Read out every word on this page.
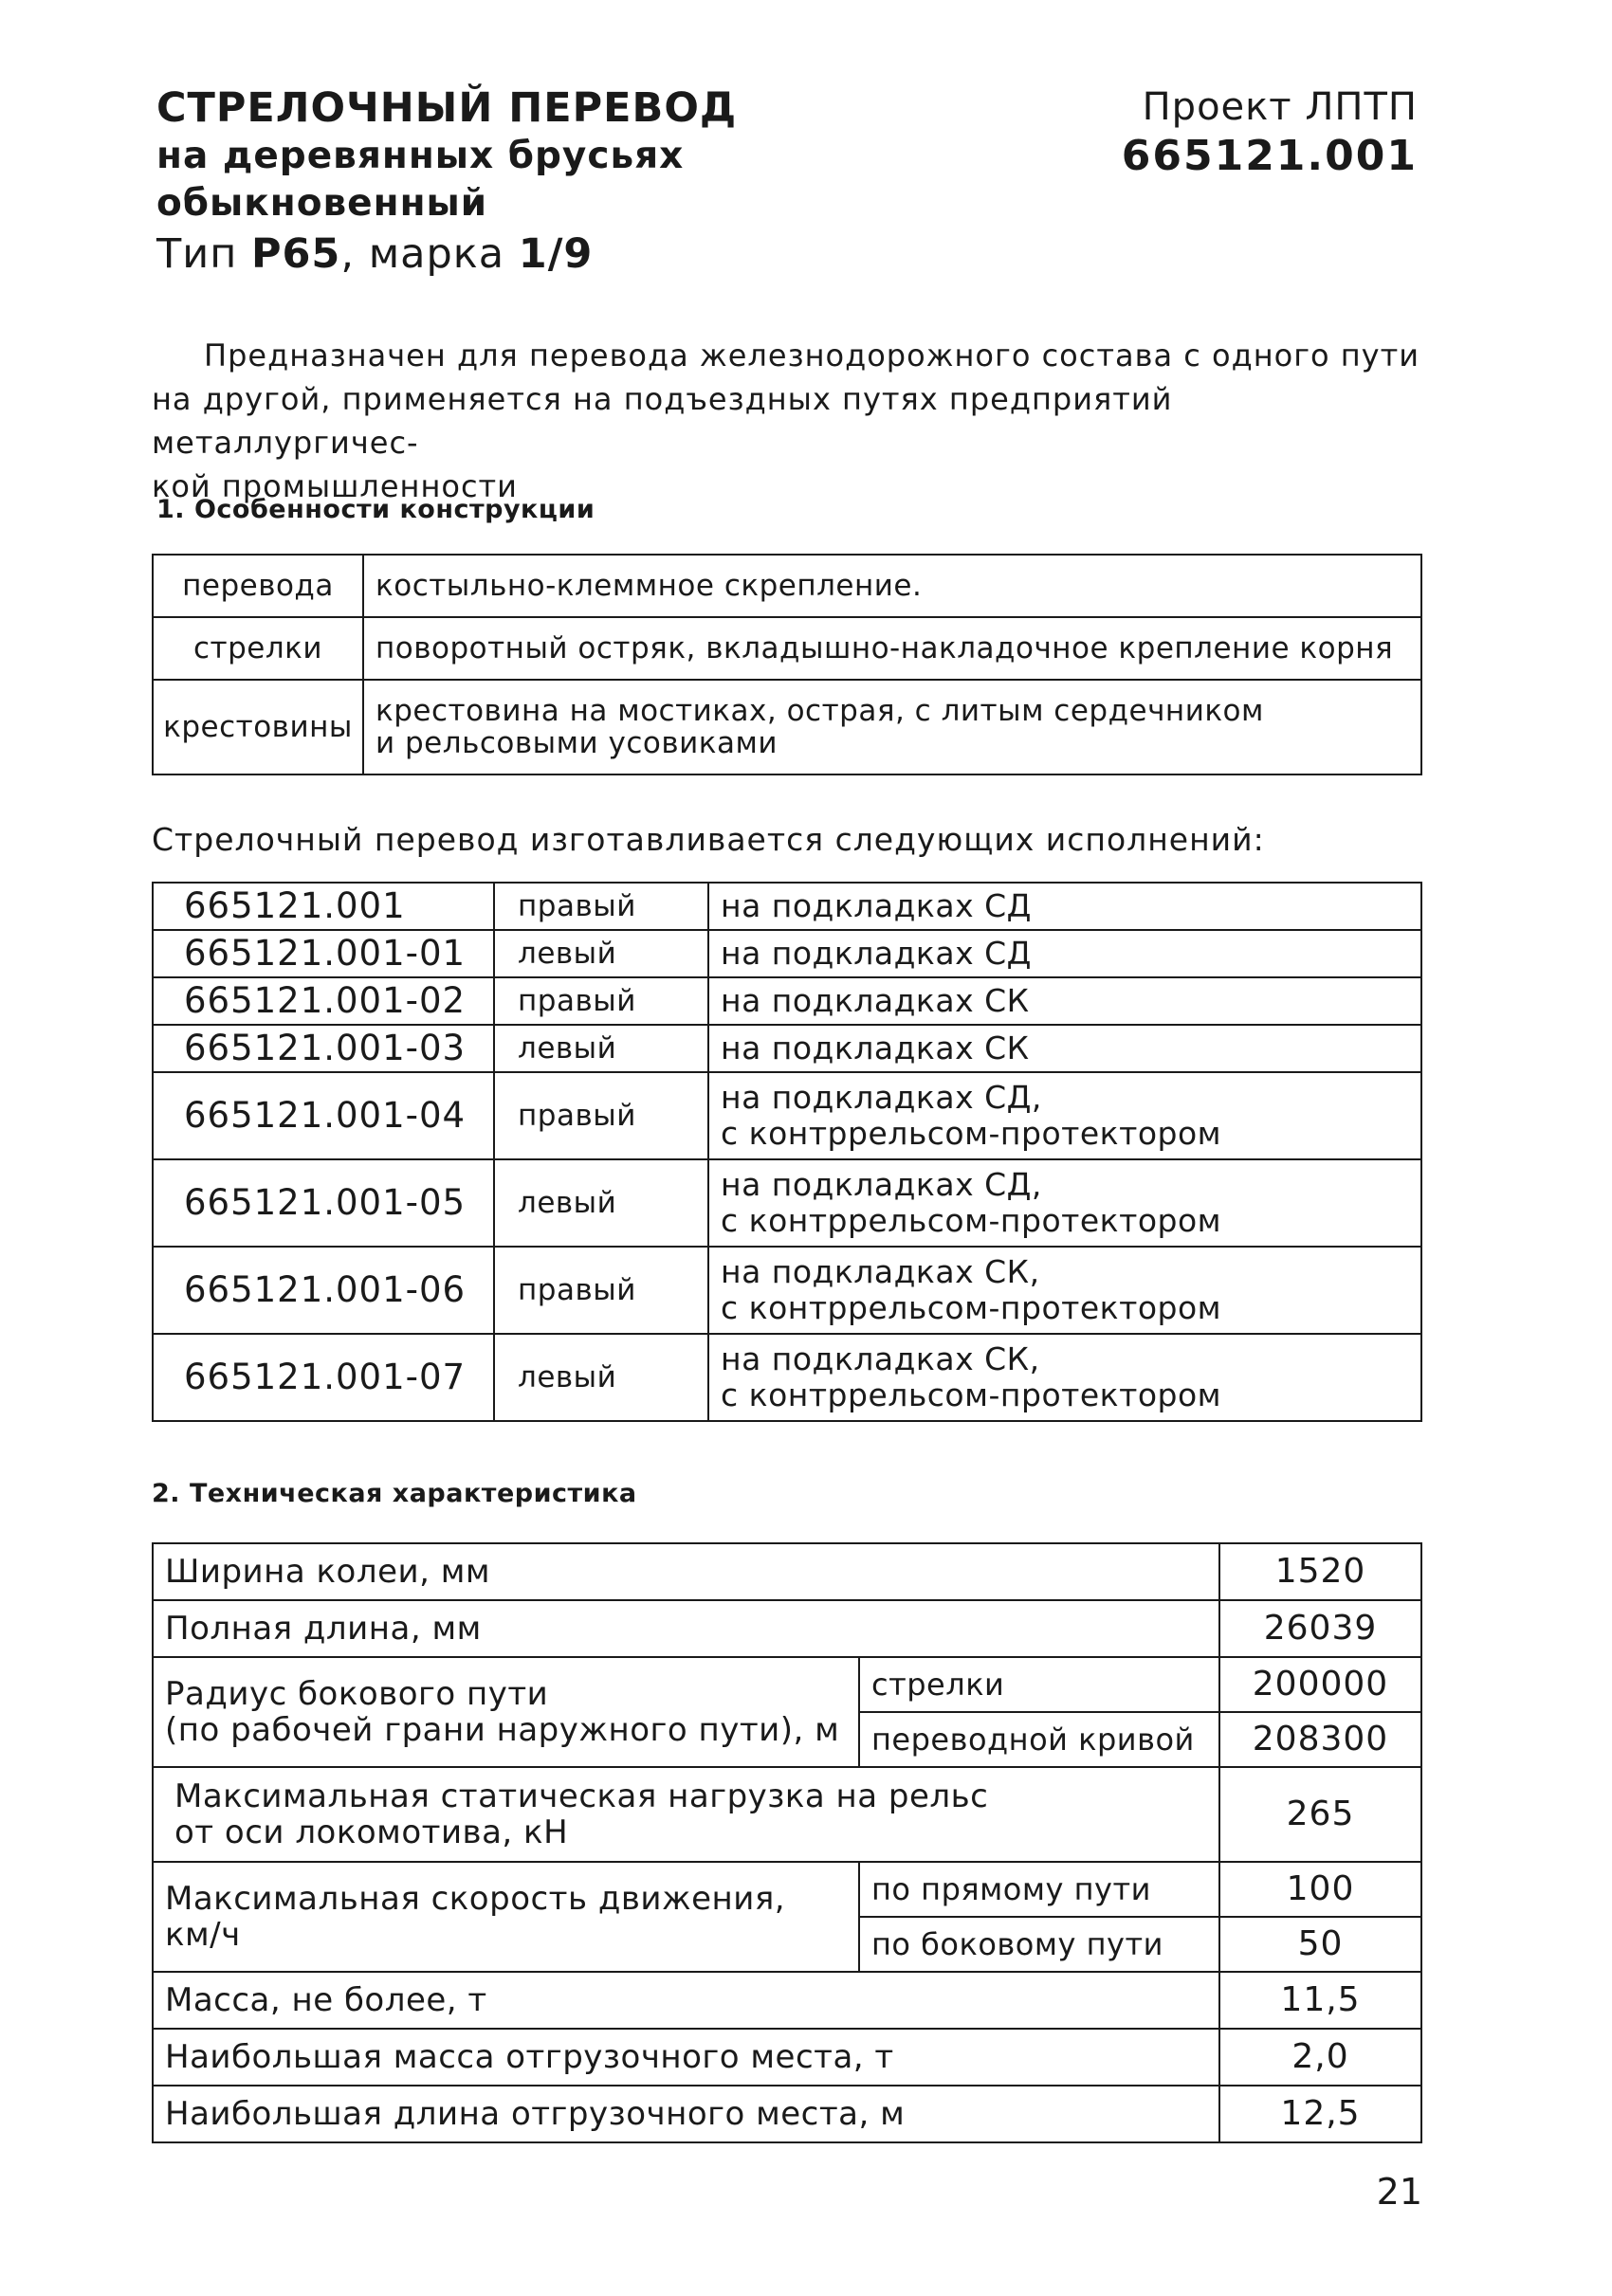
СТРЕЛОЧНЫЙ ПЕРЕВОД
на деревянных брусьях
обыкновенный
Тип Р65, марка 1/9
Проект ЛПТП
665121.001
Предназначен для перевода железнодорожного состава с одного пути
на другой, применяется на подъездных путях предприятий металлургичес-
кой промышленности
1. Особенности конструкции
перевода	костыльно-клеммное скрепление.
стрелки	поворотный остряк, вкладышно-накладочное крепление корня
крестовины	крестовина на мостиках, острая, с литым сердечником
и рельсовыми усовиками
Стрелочный перевод изготавливается следующих исполнений:
665121.001	правый	на подкладках СД

665121.001-01	левый	на подкладках СД

665121.001-02	правый	на подкладках СК

665121.001-03	левый	на подкладках СК

665121.001-04	правый	на подкладках СД,
с контррельсом-протектором

665121.001-05	левый	на подкладках СД,
с контррельсом-протектором

665121.001-06	правый	на подкладках СК,
с контррельсом-протектором

665121.001-07	левый	на подкладках СК,
с контррельсом-протектором
2. Техническая характеристика
Ширина колеи, мм		1520
Полная длина, мм		26039

Радиус бокового пути
(по рабочей грани наружного пути), м	стрелки	200000
	переводной кривой	208300

Максимальная статическая нагрузка на рельс
от оси локомотива, кН		265
Максимальная скорость движения, км/ч	по прямому пути	100
	по боковому пути	50
Масса, не более, т		11,5
Наибольшая масса отгрузочного места, т		2,0
Наибольшая длина отгрузочного места, м		12,5
21
